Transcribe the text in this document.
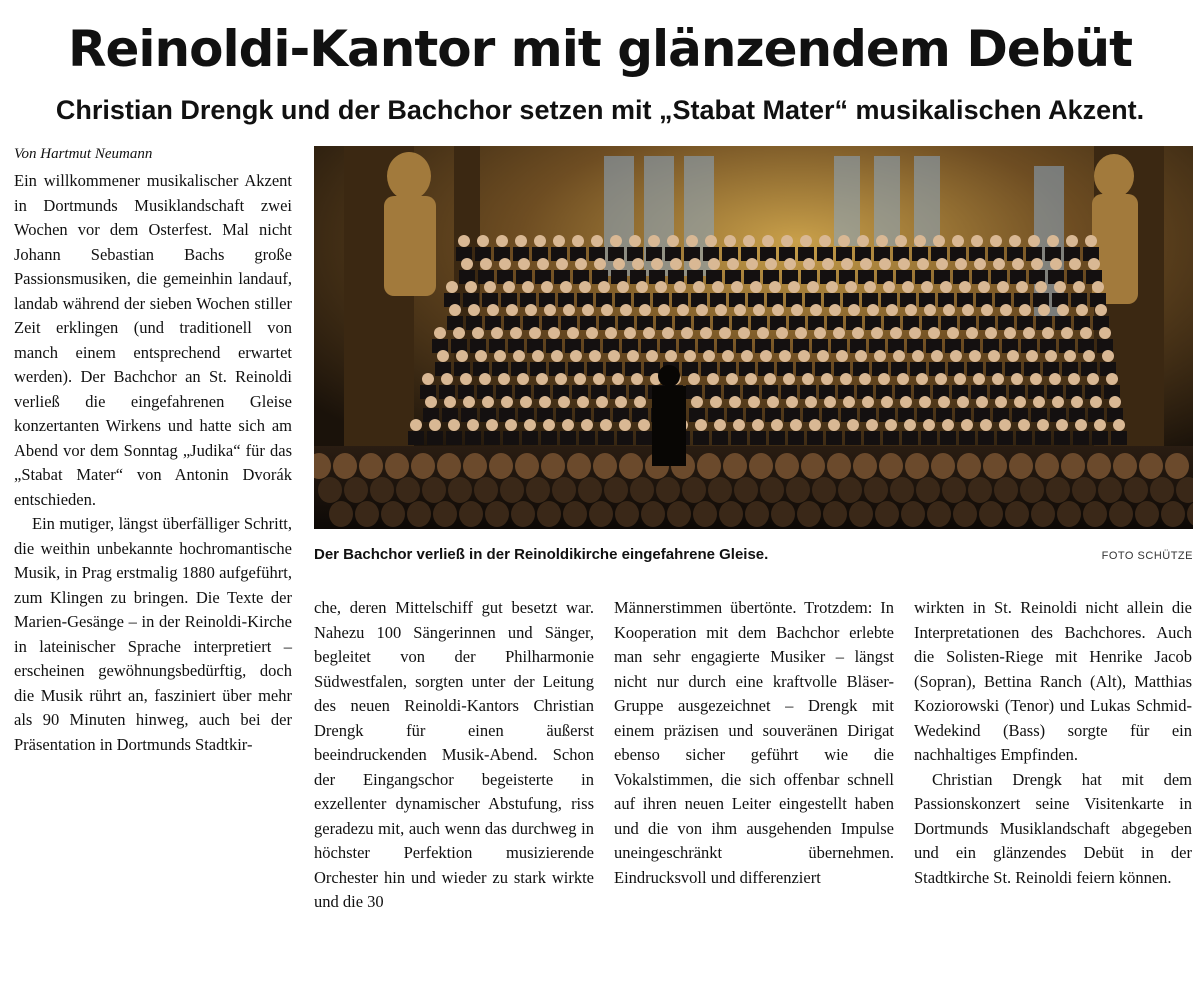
Reinoldi-Kantor mit glänzendem Debüt
Christian Drengk und der Bachchor setzen mit „Stabat Mater“ musikalischen Akzent.
Von Hartmut Neumann

Ein willkommener musikalischer Akzent in Dortmunds Musiklandschaft zwei Wochen vor dem Osterfest. Mal nicht Johann Sebastian Bachs große Passionsmusiken, die gemeinhin landauf, landab während der sieben Wochen stiller Zeit erklingen (und traditionell von manch einem entsprechend erwartet werden). Der Bachchor an St. Reinoldi verließ die eingefahrenen Gleise konzertanten Wirkens und hatte sich am Abend vor dem Sonntag „Judika“ für das „Stabat Mater“ von Antonin Dvorák entschieden.

Ein mutiger, längst überfälliger Schritt, die weithin unbekannte hochromantische Musik, in Prag erstmalig 1880 aufgeführt, zum Klingen zu bringen. Die Texte der Marien-Gesänge – in der Reinoldi-Kirche in lateinischer Sprache interpretiert – erscheinen gewöhnungsbedürftig, doch die Musik rührt an, fasziniert über mehr als 90 Minuten hinweg, auch bei der Präsentation in Dortmunds Stadtkir-

Der Bachchor verließ in der Reinoldikirche eingefahrene Gleise.	FOTO SCHÜTZE

che, deren Mittelschiff gut besetzt war. Nahezu 100 Sängerinnen und Sänger, begleitet von der Philharmonie Südwestfalen, sorgten unter der Leitung des neuen Reinoldi-Kantors Christian Drengk für einen äußerst beeindruckenden Musik-Abend. Schon der Eingangschor begeisterte in exzellenter dynamischer Abstufung, riss geradezu mit, auch wenn das durchweg in höchster Perfektion musizierende Orchester hin und wieder zu stark wirkte und die 30

Männerstimmen übertönte. Trotzdem: In Kooperation mit dem Bachchor erlebte man sehr engagierte Musiker – längst nicht nur durch eine kraftvolle Bläser-Gruppe ausgezeichnet – Drengk mit einem präzisen und souveränen Dirigat ebenso sicher geführt wie die Vokalstimmen, die sich offenbar schnell auf ihren neuen Leiter eingestellt haben und die von ihm ausgehenden Impulse uneingeschränkt übernehmen. Eindrucksvoll und differenziert

wirkten in St. Reinoldi nicht allein die Interpretationen des Bachchores. Auch die Solisten-Riege mit Henrike Jacob (Sopran), Bettina Ranch (Alt), Matthias Koziorowski (Tenor) und Lukas Schmid-Wedekind (Bass) sorgte für ein nachhaltiges Empfinden.

Christian Drengk hat mit dem Passionskonzert seine Visitenkarte in Dortmunds Musiklandschaft abgegeben und ein glänzendes Debüt in der Stadtkirche St. Reinoldi feiern können.
